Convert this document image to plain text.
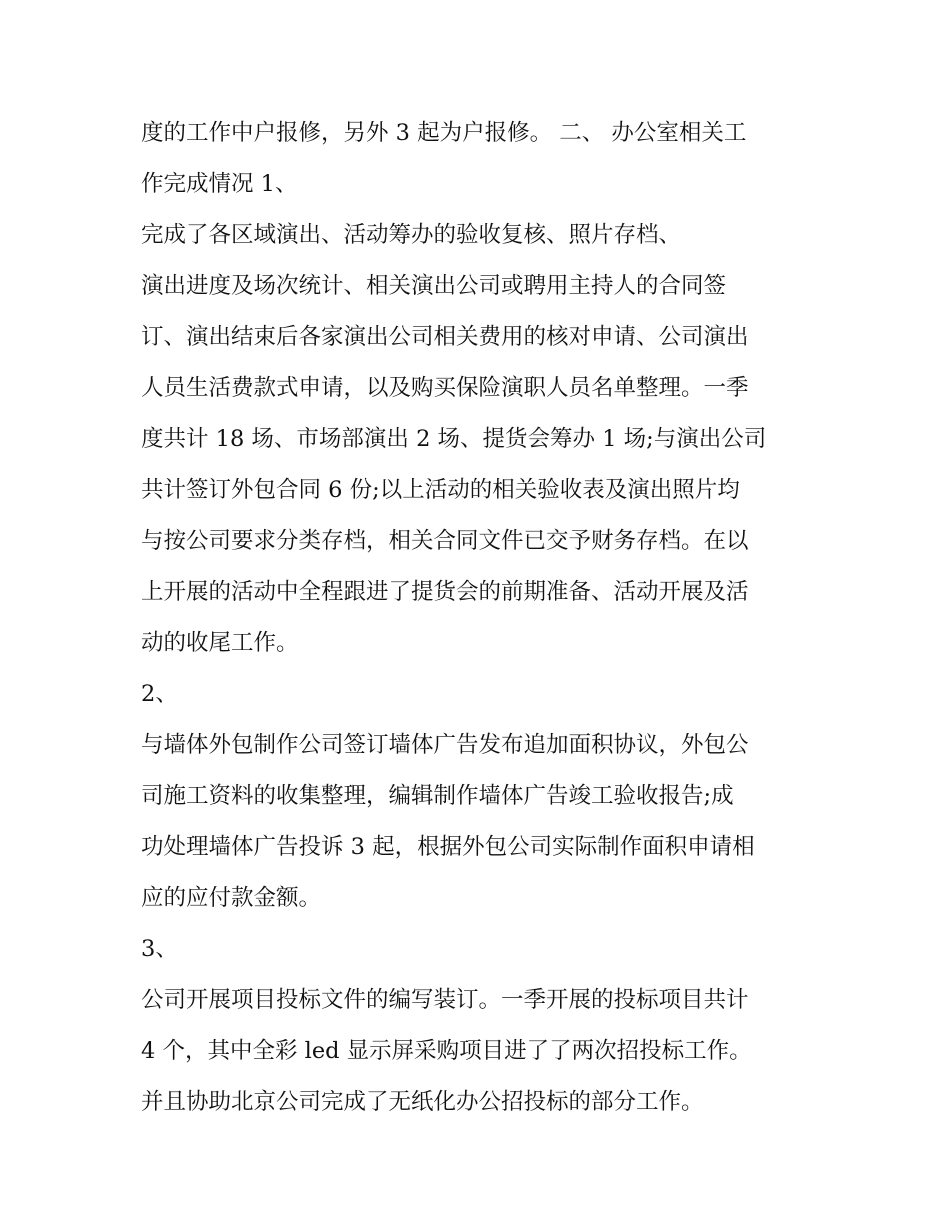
度的工作中户报修，另外 3 起为户报修。 二、 办公室相关工

作完成情况 1、

完成了各区域演出、活动筹办的验收复核、照片存档、

演出进度及场次统计、相关演出公司或聘用主持人的合同签

订、演出结束后各家演出公司相关费用的核对申请、公司演出

人员生活费款式申请，以及购买保险演职人员名单整理。一季

度共计 18 场、市场部演出 2 场、提货会筹办 1 场;与演出公司

共计签订外包合同 6 份;以上活动的相关验收表及演出照片均

与按公司要求分类存档，相关合同文件已交予财务存档。在以

上开展的活动中全程跟进了提货会的前期准备、活动开展及活

动的收尾工作。

2、

与墙体外包制作公司签订墙体广告发布追加面积协议，外包公

司施工资料的收集整理，编辑制作墙体广告竣工验收报告;成

功处理墙体广告投诉 3 起，根据外包公司实际制作面积申请相

应的应付款金额。

3、

公司开展项目投标文件的编写装订。一季开展的投标项目共计

4 个，其中全彩 led 显示屏采购项目进了了两次招投标工作。

并且协助北京公司完成了无纸化办公招投标的部分工作。
